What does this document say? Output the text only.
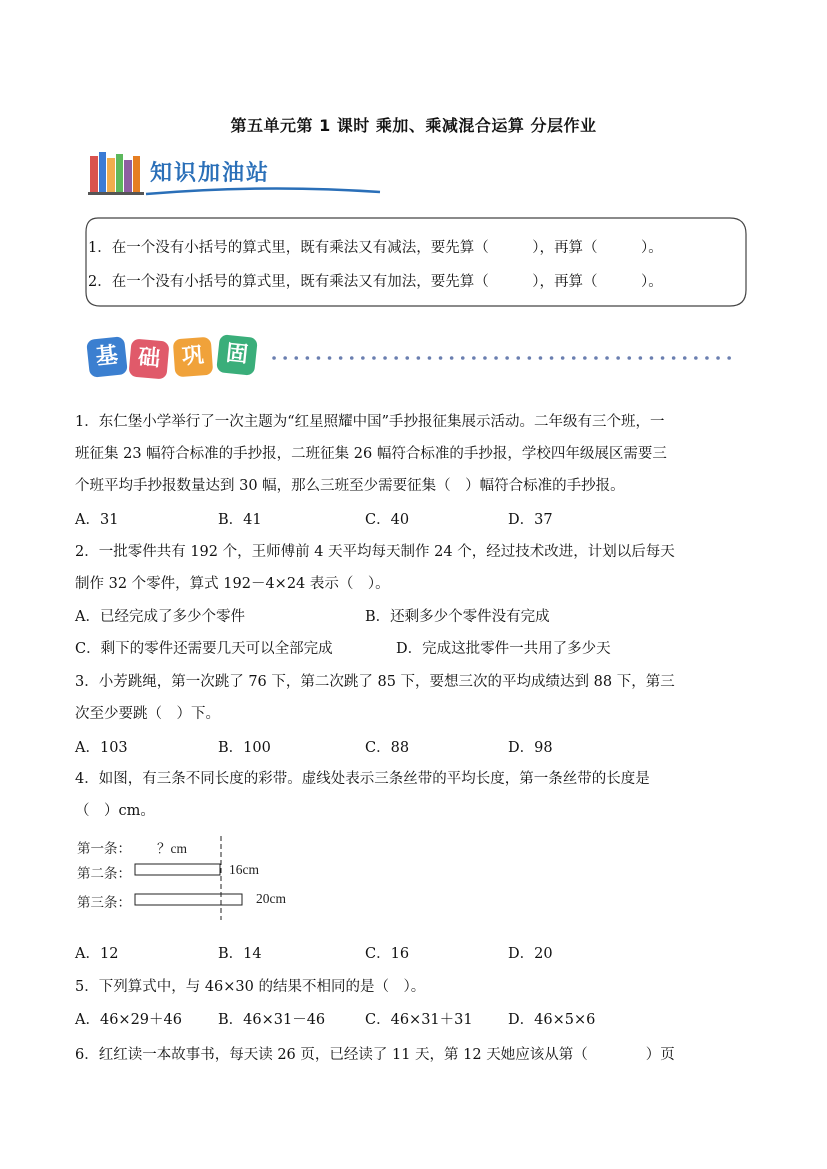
第五单元第 1 课时 乘加、乘减混合运算 分层作业
知识加油站
1．在一个没有小括号的算式里，既有乘法又有减法，要先算（　　　），再算（　　　）。
2．在一个没有小括号的算式里，既有乘法又有加法，要先算（　　　），再算（　　　）。
基 础 巩 固
1．东仁堡小学举行了一次主题为“红星照耀中国”手抄报征集展示活动。二年级有三个班，一
班征集 23 幅符合标准的手抄报，二班征集 26 幅符合标准的手抄报，学校四年级展区需要三
个班平均手抄报数量达到 30 幅，那么三班至少需要征集（　）幅符合标准的手抄报。
A．31	B．41	C．40	D．37
2．一批零件共有 192 个，王师傅前 4 天平均每天制作 24 个，经过技术改进，计划以后每天
制作 32 个零件，算式 192－4×24 表示（　）。
A．已经完成了多少个零件	B．还剩多少个零件没有完成
C．剩下的零件还需要几天可以全部完成	D．完成这批零件一共用了多少天
3．小芳跳绳，第一次跳了 76 下，第二次跳了 85 下，要想三次的平均成绩达到 88 下，第三
次至少要跳（　）下。
A．103	B．100	C．88	D．98
4．如图，有三条不同长度的彩带。虚线处表示三条丝带的平均长度，第一条丝带的长度是
（　）cm。
第一条： ？cm
第二条：	16cm
第三条：	20cm
A．12	B．14	C．16	D．20
5．下列算式中，与 46×30 的结果不相同的是（　）。
A．46×29＋46 B．46×31－46	C．46×31＋31 D．46×5×6
6．红红读一本故事书，每天读 26 页，已经读了 11 天，第 12 天她应该从第（　　　　）页
